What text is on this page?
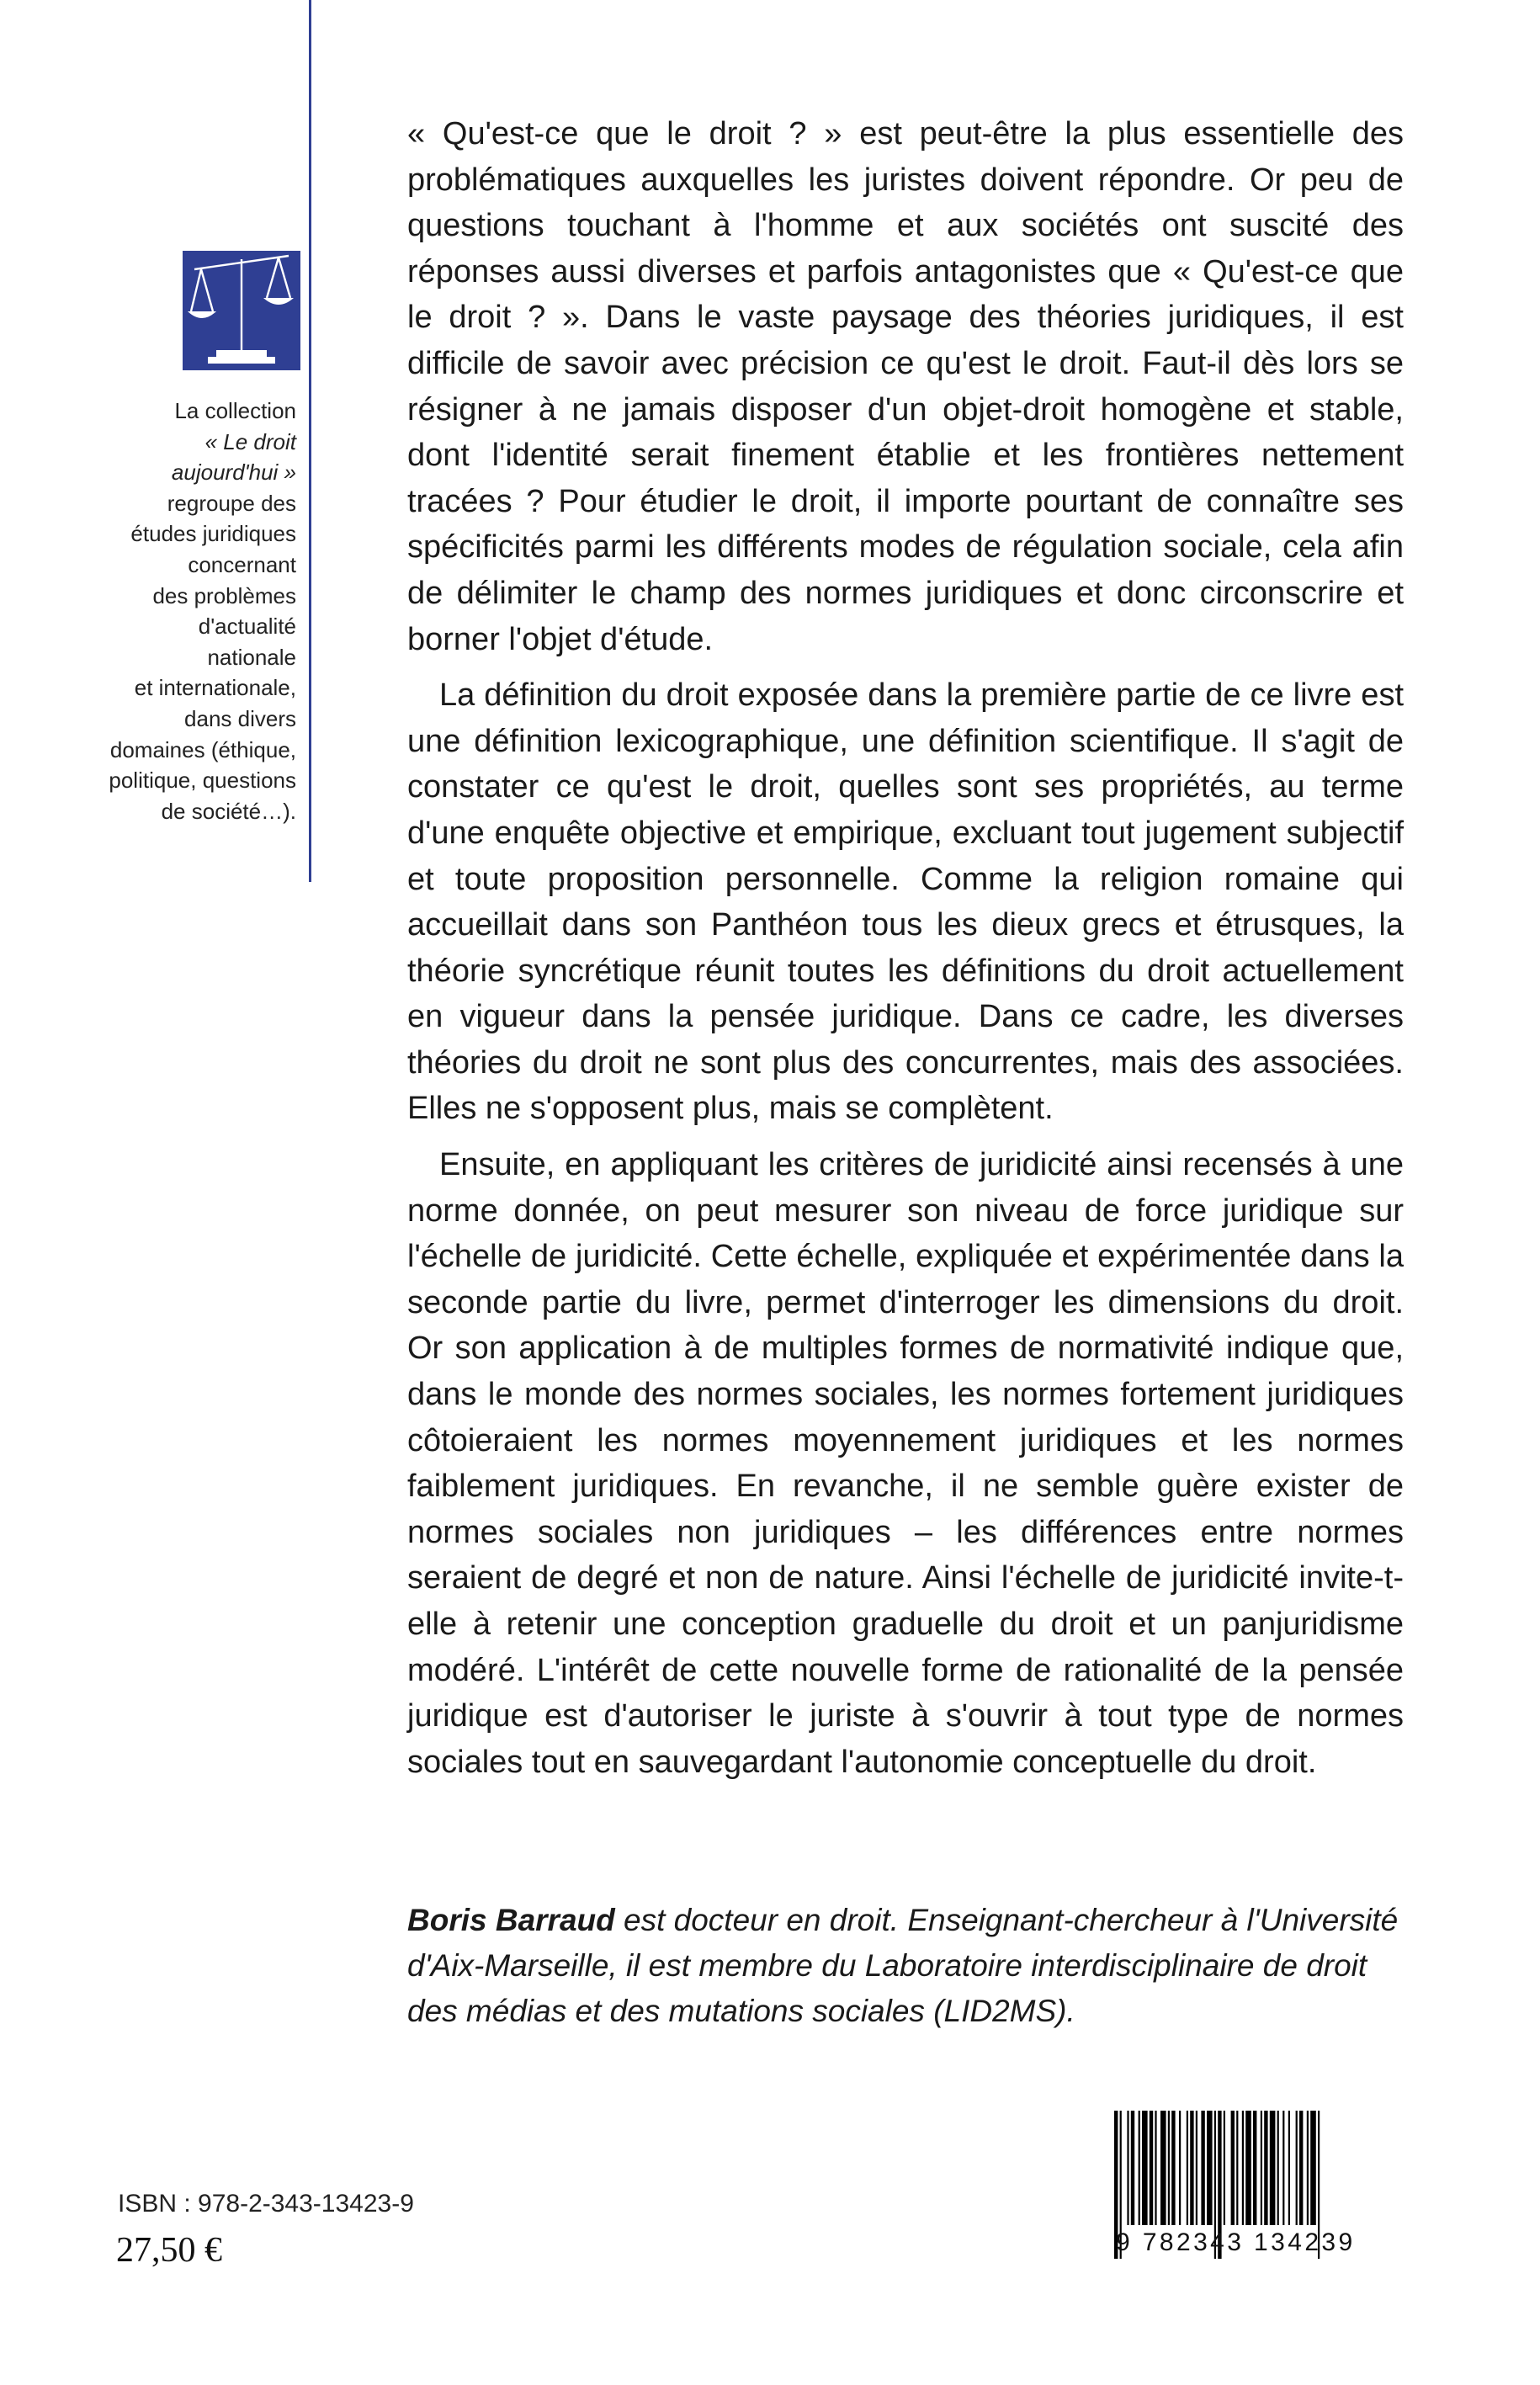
La collection
« Le droit
aujourd'hui »
regroupe des
études juridiques
concernant
des problèmes
d'actualité
nationale
et internationale,
dans divers
domaines (éthique,
politique, questions
de société…).

« Qu'est-ce que le droit ? » est peut-être la plus essentielle des problématiques auxquelles les juristes doivent répondre. Or peu de questions touchant à l'homme et aux sociétés ont suscité des réponses aussi diverses et parfois antagonistes que « Qu'est-ce que le droit ? ». Dans le vaste paysage des théories juridiques, il est difficile de savoir avec précision ce qu'est le droit. Faut-il dès lors se résigner à ne jamais disposer d'un objet-droit homogène et stable, dont l'identité serait finement établie et les frontières nettement tracées ? Pour étudier le droit, il importe pourtant de connaître ses spécificités parmi les différents modes de régulation sociale, cela afin de délimiter le champ des normes juridiques et donc circonscrire et borner l'objet d'étude.

La définition du droit exposée dans la première partie de ce livre est une définition lexicographique, une définition scientifique. Il s'agit de constater ce qu'est le droit, quelles sont ses propriétés, au terme d'une enquête objective et empirique, excluant tout jugement subjectif et toute proposition personnelle. Comme la religion romaine qui accueillait dans son Panthéon tous les dieux grecs et étrusques, la théorie syncrétique réunit toutes les définitions du droit actuellement en vigueur dans la pensée juridique. Dans ce cadre, les diverses théories du droit ne sont plus des concurrentes, mais des associées. Elles ne s'opposent plus, mais se complètent.

Ensuite, en appliquant les critères de juridicité ainsi recensés à une norme donnée, on peut mesurer son niveau de force juridique sur l'échelle de juridicité. Cette échelle, expliquée et expérimentée dans la seconde partie du livre, permet d'interroger les dimensions du droit. Or son application à de multiples formes de normativité indique que, dans le monde des normes sociales, les normes fortement juridiques côtoieraient les normes moyennement juridiques et les normes faiblement juridiques. En revanche, il ne semble guère exister de normes sociales non juridiques – les différences entre normes seraient de degré et non de nature. Ainsi l'échelle de juridicité invite-t-elle à retenir une conception graduelle du droit et un panjuridisme modéré. L'intérêt de cette nouvelle forme de rationalité de la pensée juridique est d'autoriser le juriste à s'ouvrir à tout type de normes sociales tout en sauvegardant l'autonomie conceptuelle du droit.

Boris Barraud est docteur en droit. Enseignant-chercheur à l'Université d'Aix-Marseille, il est membre du Laboratoire interdisciplinaire de droit des médias et des mutations sociales (LID2MS).
ISBN : 978-2-343-13423-9
27,50 €	9 782343 134239
